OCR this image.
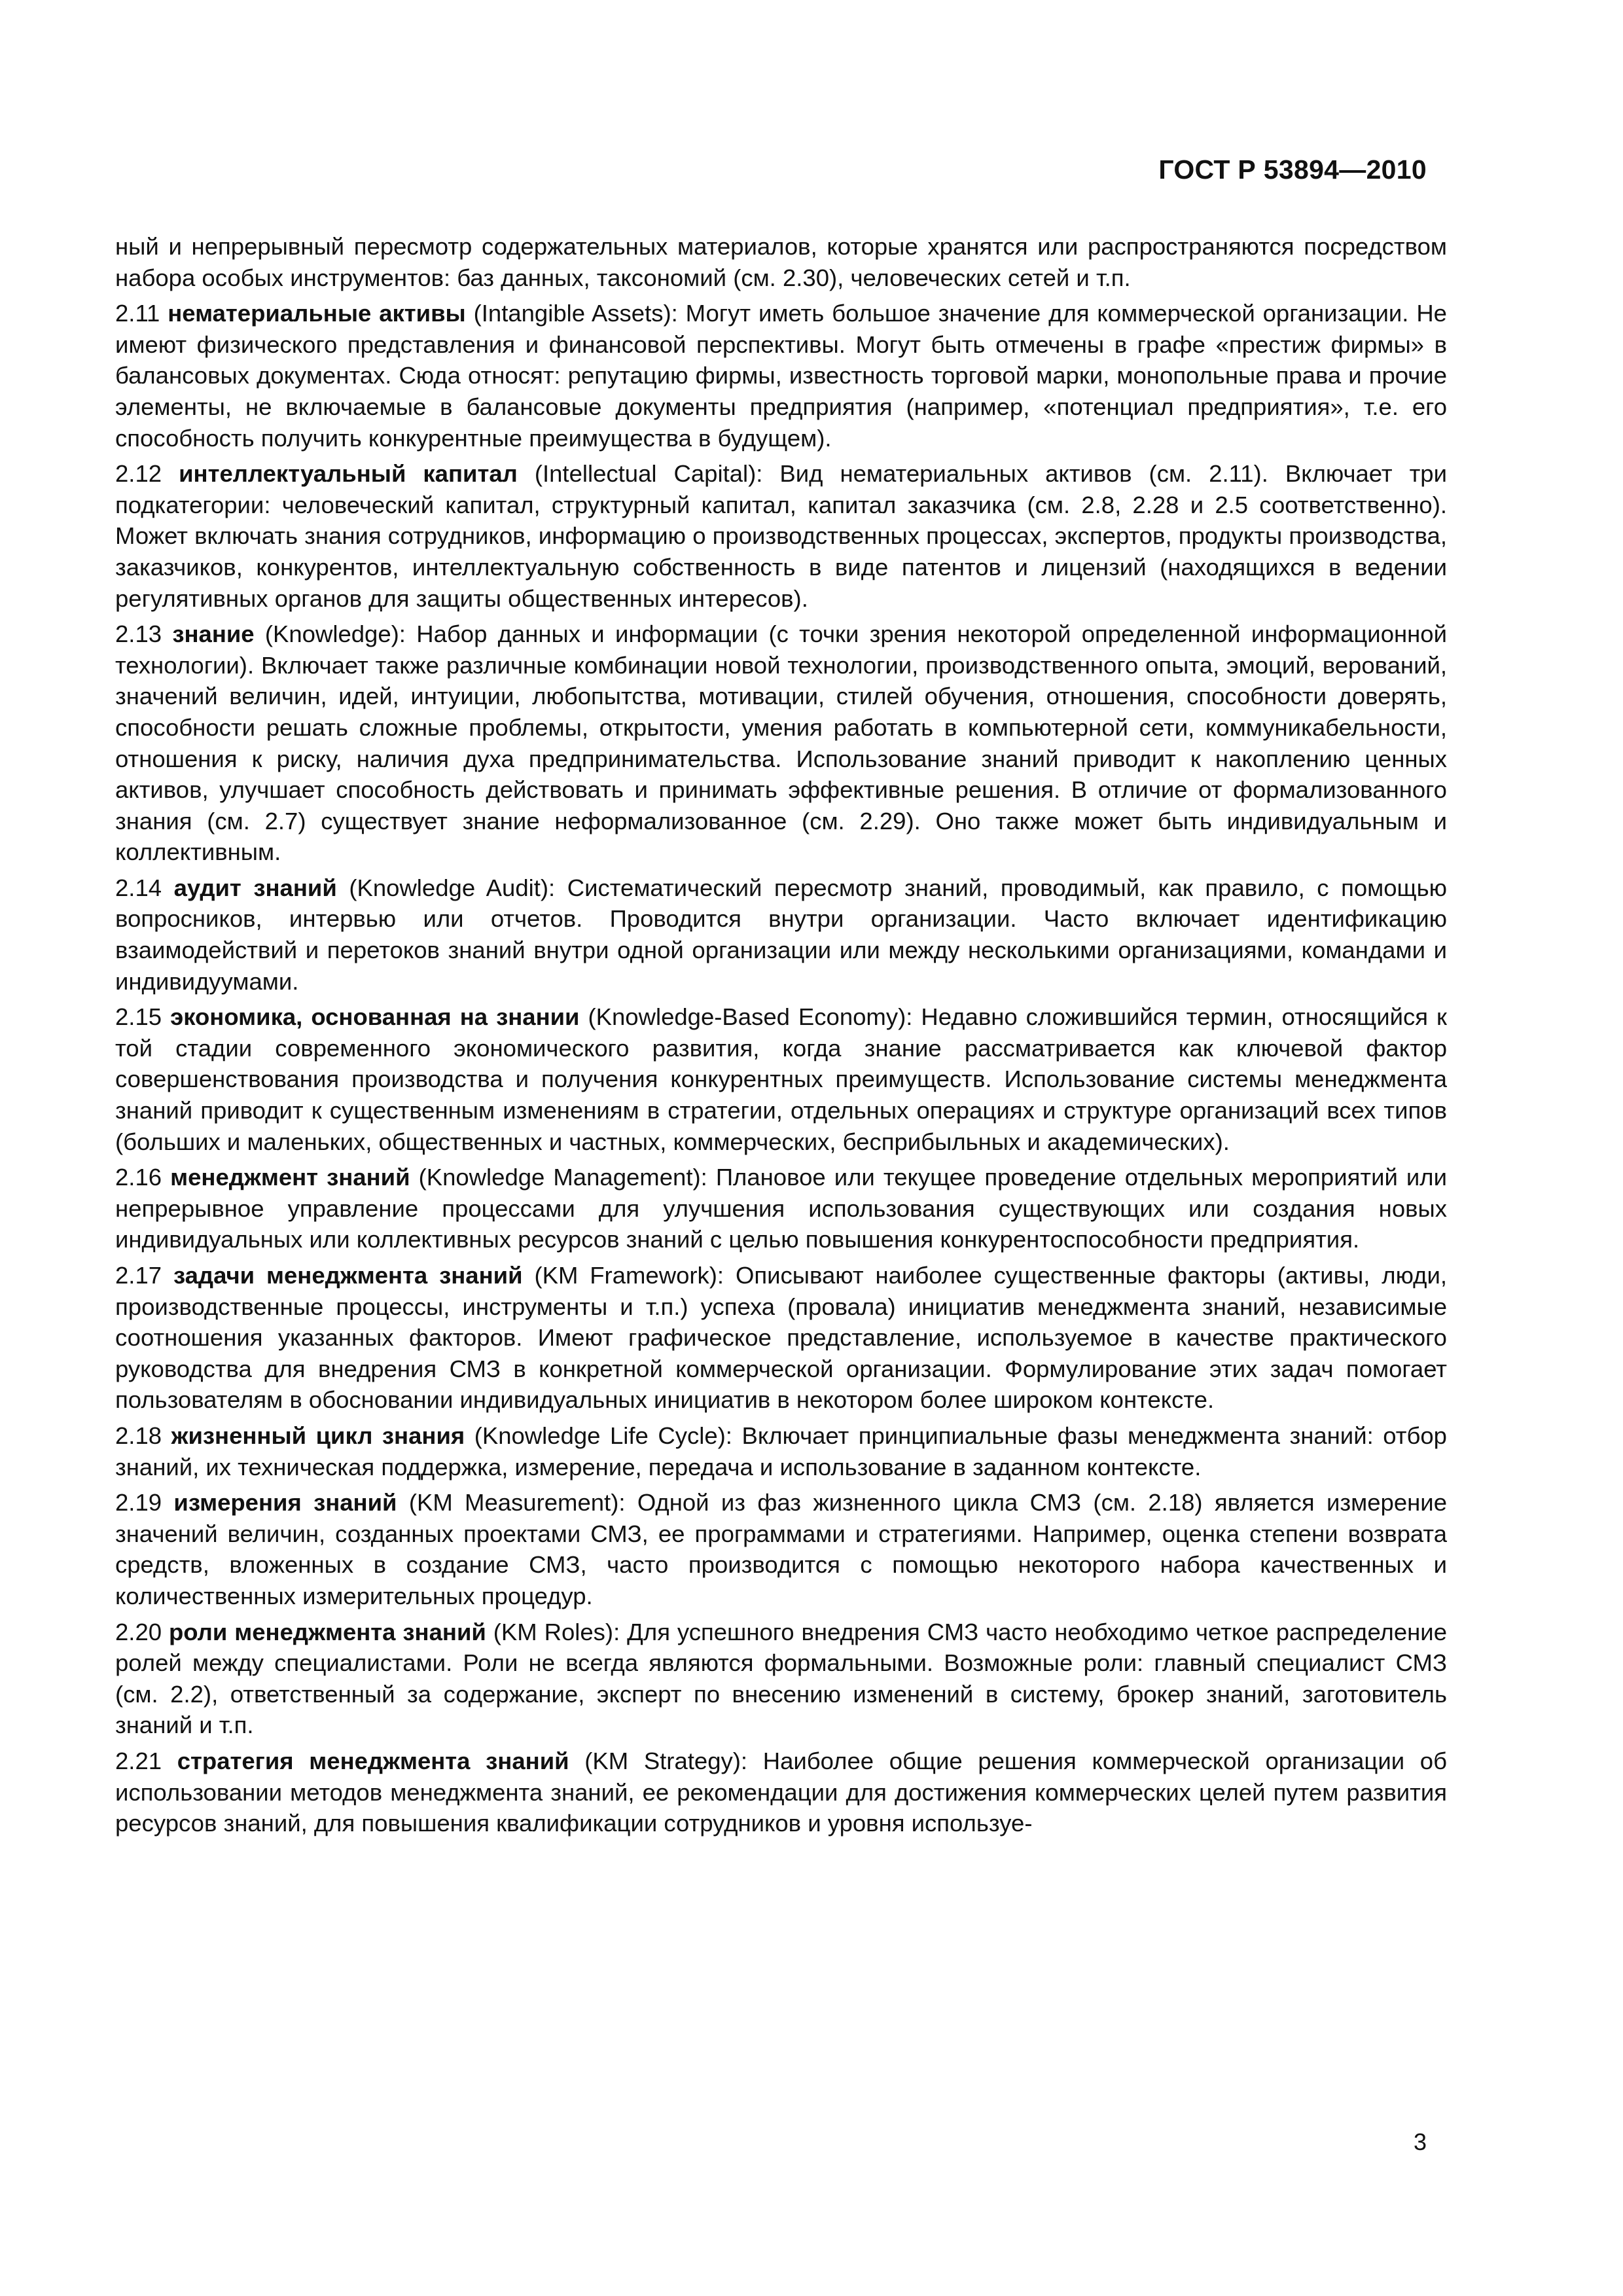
ГОСТ Р 53894—2010

ный и непрерывный пересмотр содержательных материалов, которые хранятся или распространяются посредством набора особых инструментов: баз данных, таксономий (см. 2.30), человеческих сетей и т.п.

2.11 нематериальные активы (Intangible Assets): Могут иметь большое значение для коммерческой организации. Не имеют физического представления и финансовой перспективы. Могут быть отмечены в графе «престиж фирмы» в балансовых документах. Сюда относят: репутацию фирмы, известность торговой марки, монопольные права и прочие элементы, не включаемые в балансовые документы предприятия (например, «потенциал предприятия», т.е. его способность получить конкурентные преимущества в будущем).

2.12 интеллектуальный капитал (Intellectual Capital): Вид нематериальных активов (см. 2.11). Включает три подкатегории: человеческий капитал, структурный капитал, капитал заказчика (см. 2.8, 2.28 и 2.5 соответственно). Может включать знания сотрудников, информацию о производственных процессах, экспертов, продукты производства, заказчиков, конкурентов, интеллектуальную собственность в виде патентов и лицензий (находящихся в ведении регулятивных органов для защиты общественных интересов).

2.13 знание (Knowledge): Набор данных и информации (с точки зрения некоторой определенной информационной технологии). Включает также различные комбинации новой технологии, производственного опыта, эмоций, верований, значений величин, идей, интуиции, любопытства, мотивации, стилей обучения, отношения, способности доверять, способности решать сложные проблемы, открытости, умения работать в компьютерной сети, коммуникабельности, отношения к риску, наличия духа предпринимательства. Использование знаний приводит к накоплению ценных активов, улучшает способность действовать и принимать эффективные решения. В отличие от формализованного знания (см. 2.7) существует знание неформализованное (см. 2.29). Оно также может быть индивидуальным и коллективным.

2.14 аудит знаний (Knowledge Audit): Систематический пересмотр знаний, проводимый, как правило, с помощью вопросников, интервью или отчетов. Проводится внутри организации. Часто включает идентификацию взаимодействий и перетоков знаний внутри одной организации или между несколькими организациями, командами и индивидуумами.

2.15 экономика, основанная на знании (Knowledge-Based Economy): Недавно сложившийся термин, относящийся к той стадии современного экономического развития, когда знание рассматривается как ключевой фактор совершенствования производства и получения конкурентных преимуществ. Использование системы менеджмента знаний приводит к существенным изменениям в стратегии, отдельных операциях и структуре организаций всех типов (больших и маленьких, общественных и частных, коммерческих, бесприбыльных и академических).

2.16 менеджмент знаний (Knowledge Management): Плановое или текущее проведение отдельных мероприятий или непрерывное управление процессами для улучшения использования существующих или создания новых индивидуальных или коллективных ресурсов знаний с целью повышения конкурентоспособности предприятия.

2.17 задачи менеджмента знаний (KM Framework): Описывают наиболее существенные факторы (активы, люди, производственные процессы, инструменты и т.п.) успеха (провала) инициатив менеджмента знаний, независимые соотношения указанных факторов. Имеют графическое представление, используемое в качестве практического руководства для внедрения СМЗ в конкретной коммерческой организации. Формулирование этих задач помогает пользователям в обосновании индивидуальных инициатив в некотором более широком контексте.

2.18 жизненный цикл знания (Knowledge Life Cycle): Включает принципиальные фазы менеджмента знаний: отбор знаний, их техническая поддержка, измерение, передача и использование в заданном контексте.

2.19 измерения знаний (KM Measurement): Одной из фаз жизненного цикла СМЗ (см. 2.18) является измерение значений величин, созданных проектами СМЗ, ее программами и стратегиями. Например, оценка степени возврата средств, вложенных в создание СМЗ, часто производится с помощью некоторого набора качественных и количественных измерительных процедур.

2.20 роли менеджмента знаний (KM Roles): Для успешного внедрения СМЗ часто необходимо четкое распределение ролей между специалистами. Роли не всегда являются формальными. Возможные роли: главный специалист СМЗ (см. 2.2), ответственный за содержание, эксперт по внесению изменений в систему, брокер знаний, заготовитель знаний и т.п.

2.21 стратегия менеджмента знаний (KM Strategy): Наиболее общие решения коммерческой организации об использовании методов менеджмента знаний, ее рекомендации для достижения коммерческих целей путем развития ресурсов знаний, для повышения квалификации сотрудников и уровня используе-

3
